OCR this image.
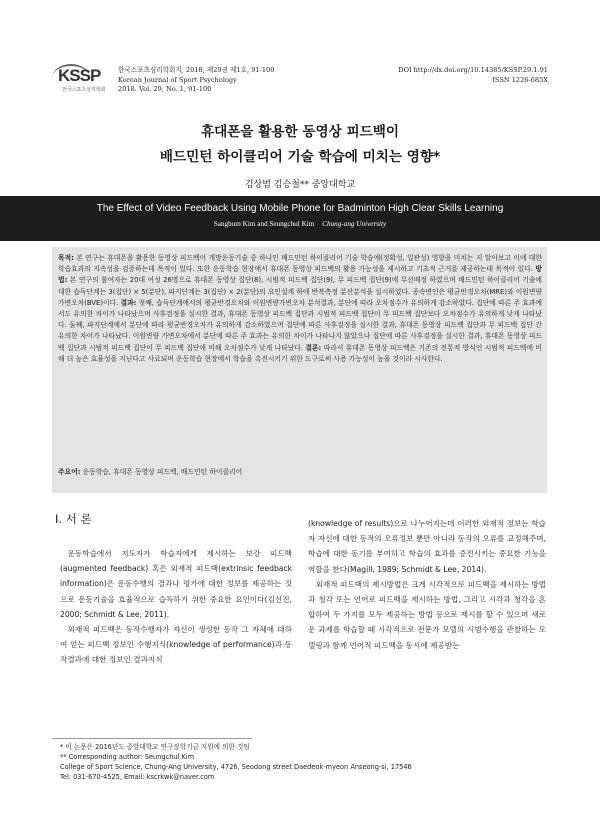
KSSP
한국스포츠심리학회
한국스포츠심리학회지, 2018, 제29권 제1호, 91-100
Korean Journal of Sport Psychology
2018. Vol. 29, No. 1, 91-100
DOI http://dx.doi.org/10.14385/KSSP.29.1.91
ISSN 1226-685X
휴대폰을 활용한 동영상 피드백이
배드민턴 하이클리어 기술 학습에 미치는 영향*
김상범 김승철** 중앙대학교
The Effect of Video Feedback Using Mobile Phone for Badminton High Clear Skills Learning
Sangbum Kim and Seungchul Kim Chung-ang University
목적: 본 연구는 휴대폰을 활용한 동영상 피드백이 개방운동기술 중 하나인 배드민턴 하이클리어 기술 학습에(정확성, 일관성) 영향을 미치는 지 알아보고 이에 대한 학습효과의 지속성을 검증하는데 목적이 있다. 또한 운동학습 현장에서 휴대폰 동영상 피드백의 활용 가능성을 제시하고 기초적 근거를 제공하는데 목적이 있다. 방법: 본 연구의 참여자는 20대 여성 26명으로 휴대폰 동영상 집단(8), 시범적 피드백 집단(9), 무 피드백 집단(9)에 무선배정 하였으며 배드민턴 하이클리어 기술에 대한 습득단계는 3(집단) × 5(분단), 파지단계는 3(집단) × 2(분단)의 요인설계 하에 반복측정 분산분석을 실시하였다. 종속변인은 평균반경오차(MRE)와 이원변량 가변오차(BVE)이다. 결과: 첫째, 습득단계에서의 평균반경오차와 이원변량가변오차 분석결과, 분단에 따라 오차점수가 유의하게 감소하였다. 집단에 따른 주 효과에서도 유의한 차이가 나타났으며 사후검정을 실시한 결과, 휴대폰 동영상 피드백 집단과 시범적 피드백 집단이 무 피드백 집단보다 오차점수가 유의하게 낮게 나타났다. 둘째, 파지단계에서 분단에 따라 평균반경오차가 유의하게 감소하였으며 집단에 따른 사후검정을 실시한 결과, 휴대폰 동영상 피드백 집단과 무 피드백 집단 간 유의한 차이가 나타났다. 이원변량 가변오차에서 분단에 따른 주 효과는 유의한 차이가 나타나지 않았으나 집단에 따른 사후검정을 실시한 결과, 휴대폰 동영상 피드백 집단과 시범적 피드백 집단이 무 피드백 집단에 비해 오차점수가 낮게 나타났다. 결론: 따라서 휴대폰 동영상 피드백은 기존의 전통적 방식인 시범적 피드백에 비해 더 높은 효율성을 지닌다고 사료되며 운동학습 현장에서 학습을 촉진시키기 위한 도구로써 사용 가능성이 높을 것이라 시사한다.
주요어: 운동학습, 휴대폰 동영상 피드백, 배드민턴 하이클리어
I. 서 론

운동학습에서 지도자가 학습자에게 제시하는 보강 피드백(augmented feedback) 혹은 외재적 피드백(extrinsic feedback information)은 운동수행의 결과나 평가에 대한 정보를 제공하는 것으로 운동기술을 효율적으로 습득하기 위한 중요한 요인이다(김선진, 2000; Schmidt & Lee, 2011).

외재적 피드백은 동작수행자가 자신이 생성한 동작 그 자체에 대하여 얻는 피드백 정보인 수행지식(knowledge of performance)과 동작결과에 대한 정보인 결과지식

(knowledge of results)으로 나누어지는데 이러한 외재적 정보는 학습자 자신에 대한 동작의 오류정보 뿐만 아니라 동작의 오류를 교정해주며, 학습에 대한 동기를 부여하고 학습의 효과를 증진시키는 중요한 기능을 역할을 한다(Magill, 1989; Schmidt & Lee, 2014).

외재적 피드백의 제시방법은 크게 시각적으로 피드백을 제시하는 방법과 청각 또는 언어로 피드백을 제시하는 방법, 그리고 시각과 청각을 혼합하여 두 가지를 모두 제공하는 방법 등으로 제시를 할 수 있으며 새로운 과제를 학습할 때 시각적으로 전문가 모델의 시범수행을 관찰하는 모델링과 함께 언어적 피드백을 동시에 제공받는

* 이 논문은 2016년도 중앙대학교 연구장학기금 지원에 의한 것임
** Corresponding author: Seungchul Kim
College of Sport Science, Chung-Ang University, 4726, Seodong street Daedeok-myeon Anseong-si, 17546
Tel: 031-670-4525, Email: kscrkwk@naver.com
